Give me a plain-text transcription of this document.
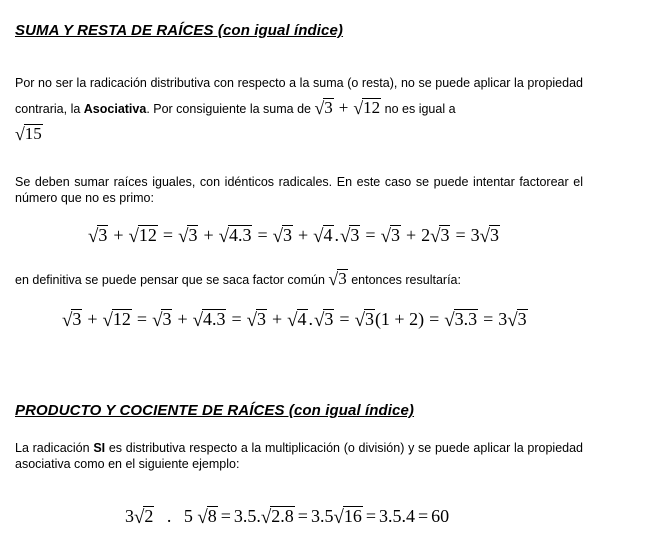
SUMA Y RESTA DE RAÍCES (con igual índice)
Por no ser la radicación distributiva con respecto a la suma (o resta), no se puede aplicar la propiedad contraria, la Asociativa. Por consiguiente la suma de √3 + √12 no es igual a
√15
Se deben sumar raíces iguales, con idénticos radicales. En este caso se puede intentar factorear el número que no es primo:
√3 + √12 = √3 + √4.3 = √3 + √4 .√3 = √3 + 2√3 = 3√3
en definitiva se puede pensar que se saca factor común √3 entonces resultaría:
√3 + √12 = √3 + √4.3 = √3 + √4 .√3 = √3(1 + 2) = √3.3 = 3√3
PRODUCTO Y COCIENTE DE RAÍCES (con igual índice)
La radicación SI es distributiva respecto a la multiplicación (o división) y se puede aplicar la propiedad asociativa como en el siguiente ejemplo:
3√2 . 5 √8 = 3.5.√2.8 = 3.5√16 = 3.5.4 = 60
